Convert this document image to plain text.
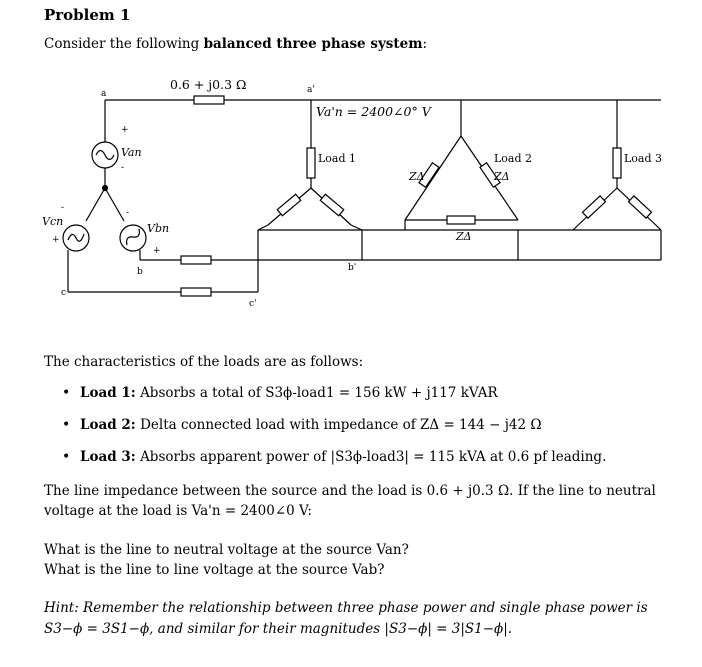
Problem 1
Consider the following balanced three phase system:
a	a'
b	b'
c
c'
0.6 + j0.3 Ω
Va'n = 2400∠0° V
Van
Vbn
Vcn
+
-
+
-
+
-
Load 1	Load 2	Load 3
ZΔ	ZΔ
ZΔ
The characteristics of the loads are as follows:
• Load 1: Absorbs a total of S3ϕ-load1 = 156 kW + j117 kVAR
• Load 2: Delta connected load with impedance of ZΔ = 144 − j42 Ω
• Load 3: Absorbs apparent power of |S3ϕ-load3| = 115 kVA at 0.6 pf leading.
The line impedance between the source and the load is 0.6 + j0.3 Ω. If the line to neutral voltage at the load is Va'n = 2400∠0 V:
What is the line to neutral voltage at the source Van?
What is the line to line voltage at the source Vab?
Hint: Remember the relationship between three phase power and single phase power is S3−ϕ = 3S1−ϕ, and similar for their magnitudes |S3−ϕ| = 3|S1−ϕ|.
